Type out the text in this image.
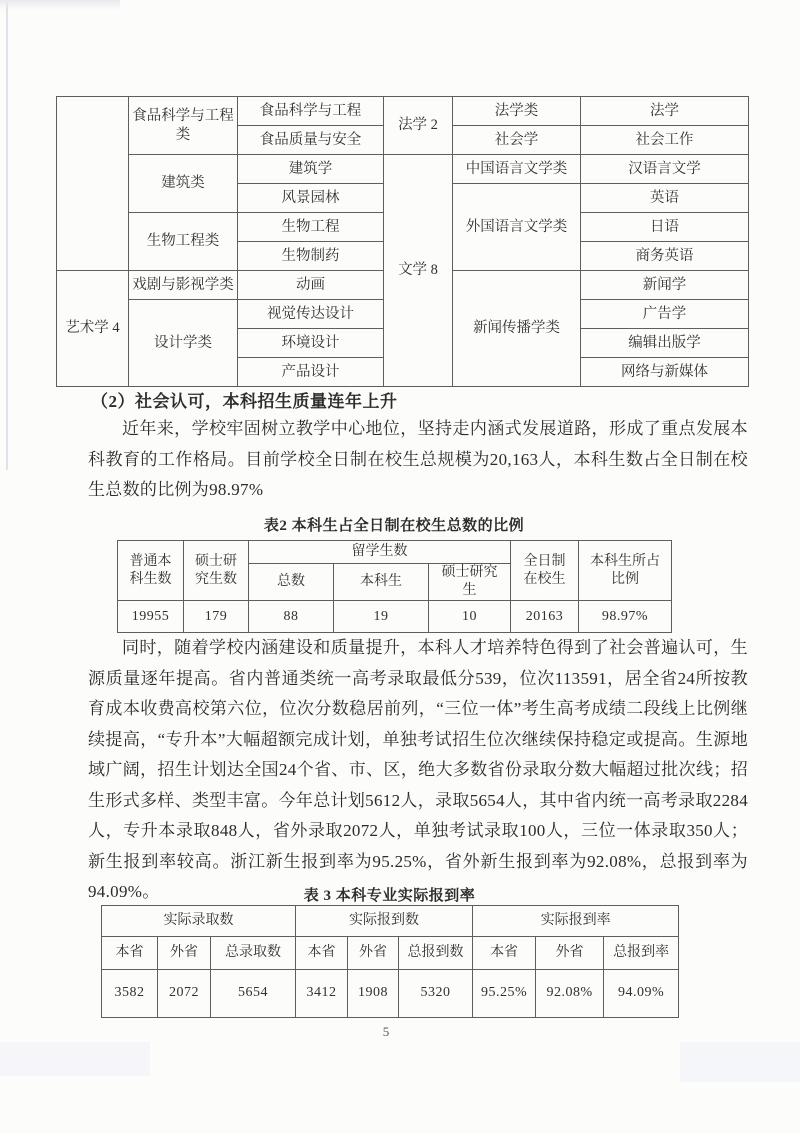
	食品科学与工程类	食品科学与工程	法学 2	法学类	法学
		食品质量与安全		社会学	社会工作
	建筑类	建筑学	文学 8	中国语言文学类	汉语言文学
		风景园林		外国语言文学类	英语
	生物工程类	生物工程			日语
		生物制药			商务英语
艺术学 4	戏剧与影视学类	动画		新闻传播学类	新闻学
	设计学类	视觉传达设计			广告学
		环境设计			编辑出版学
		产品设计			网络与新媒体
（2）社会认可，本科招生质量连年上升
近年来，学校牢固树立教学中心地位，坚持走内涵式发展道路，形成了重点发展本科教育的工作格局。目前学校全日制在校生总规模为20,163人，本科生数占全日制在校生总数的比例为98.97%
同时，随着学校内涵建设和质量提升，本科人才培养特色得到了社会普遍认可，生源质量逐年提高。省内普通类统一高考录取最低分539，位次113591，居全省24所按教育成本收费高校第六位，位次分数稳居前列，“三位一体”考生高考成绩二段线上比例继续提高，“专升本”大幅超额完成计划，单独考试招生位次继续保持稳定或提高。生源地域广阔，招生计划达全国24个省、市、区，绝大多数省份录取分数大幅超过批次线；招生形式多样、类型丰富。今年总计划5612人，录取5654人，其中省内统一高考录取2284人，专升本录取848人，省外录取2072人，单独考试录取100人，三位一体录取350人；新生报到率较高。浙江新生报到率为95.25%，省外新生报到率为92.08%，总报到率为94.09%。
表2 本科生占全日制在校生总数的比例
普通本科生数	硕士研究生数	留学生数			全日制在校生	本科生所占比例
		总数	本科生	硕士研究生		
19955	179	88	19	10	20163	98.97%
表 3 本科专业实际报到率
实际录取数			实际报到数			实际报到率		
本省	外省	总录取数	本省	外省	总报到数	本省	外省	总报到率
3582	2072	5654	3412	1908	5320	95.25%	92.08%	94.09%
5
